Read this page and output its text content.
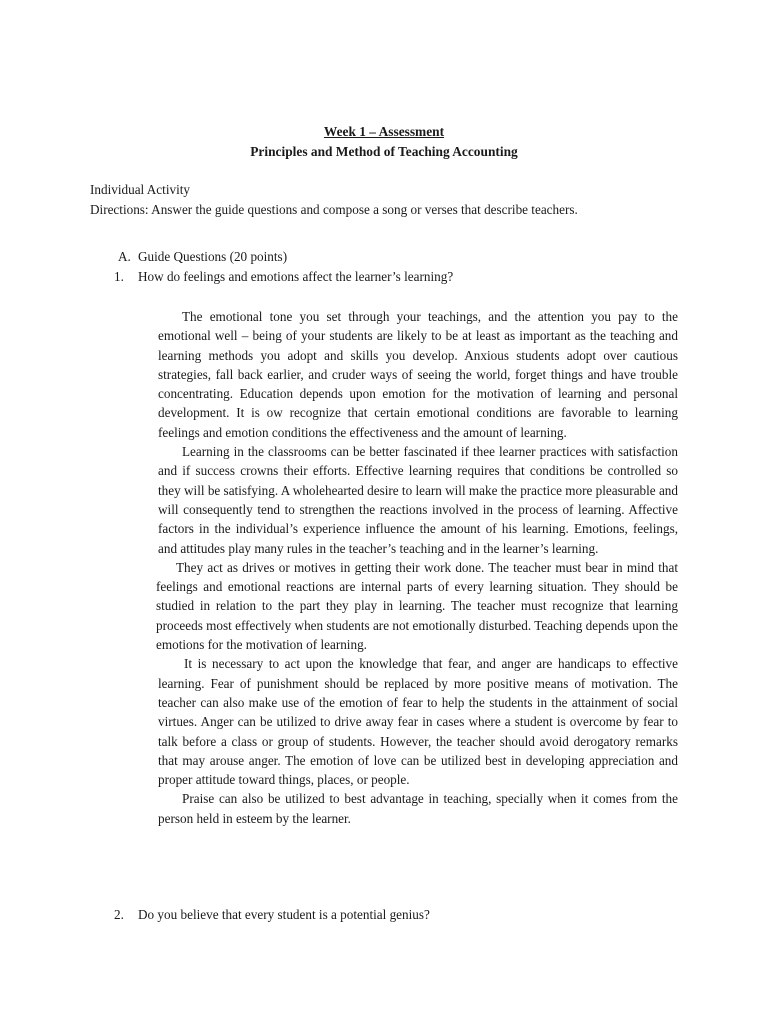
Week 1 – Assessment
Principles and Method of Teaching Accounting
Individual Activity
Directions: Answer the guide questions and compose a song or verses that describe teachers.
A. Guide Questions (20 points)
1. How do feelings and emotions affect the learner’s learning?

The emotional tone you set through your teachings, and the attention you pay to the emotional well – being of your students are likely to be at least as important as the teaching and learning methods you adopt and skills you develop. Anxious students adopt over cautious strategies, fall back earlier, and cruder ways of seeing the world, forget things and have trouble concentrating. Education depends upon emotion for the motivation of learning and personal development. It is ow recognize that certain emotional conditions are favorable to learning feelings and emotion conditions the effectiveness and the amount of learning.

Learning in the classrooms can be better fascinated if thee learner practices with satisfaction and if success crowns their efforts. Effective learning requires that conditions be controlled so they will be satisfying. A wholehearted desire to learn will make the practice more pleasurable and will consequently tend to strengthen the reactions involved in the process of learning. Affective factors in the individual’s experience influence the amount of his learning. Emotions, feelings, and attitudes play many rules in the teacher’s teaching and in the learner’s learning.

They act as drives or motives in getting their work done. The teacher must bear in mind that feelings and emotional reactions are internal parts of every learning situation. They should be studied in relation to the part they play in learning. The teacher must recognize that learning proceeds most effectively when students are not emotionally disturbed. Teaching depends upon the emotions for the motivation of learning.

It is necessary to act upon the knowledge that fear, and anger are handicaps to effective learning. Fear of punishment should be replaced by more positive means of motivation. The teacher can also make use of the emotion of fear to help the students in the attainment of social virtues. Anger can be utilized to drive away fear in cases where a student is overcome by fear to talk before a class or group of students. However, the teacher should avoid derogatory remarks that may arouse anger. The emotion of love can be utilized best in developing appreciation and proper attitude toward things, places, or people.

Praise can also be utilized to best advantage in teaching, specially when it comes from the person held in esteem by the learner.

2. Do you believe that every student is a potential genius?
